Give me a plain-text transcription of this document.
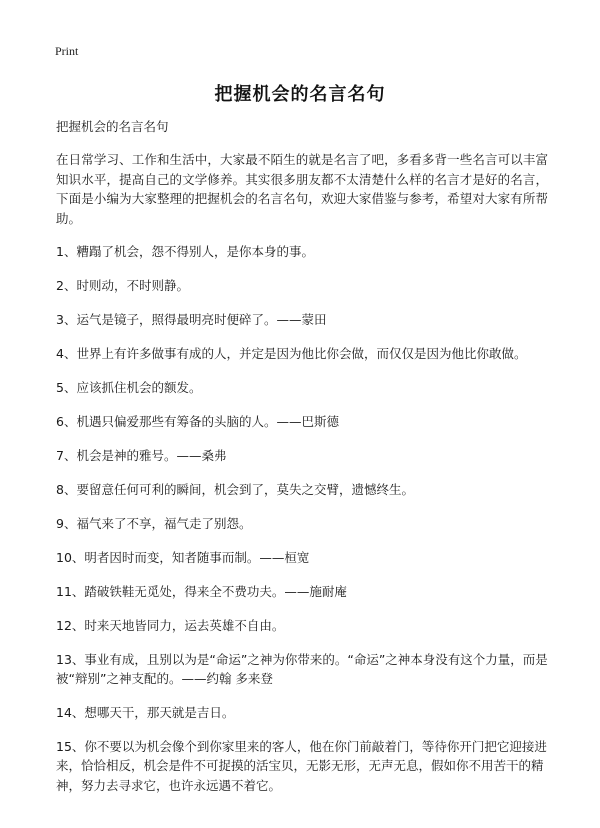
Print
把握机会的名言名句

把握机会的名言名句

在日常学习、工作和生活中，大家最不陌生的就是名言了吧，多看多背一些名言可以丰富知识水平，提高自己的文学修养。其实很多朋友都不太清楚什么样的名言才是好的名言，下面是小编为大家整理的把握机会的名言名句，欢迎大家借鉴与参考，希望对大家有所帮助。

1、糟蹋了机会，怨不得别人，是你本身的事。

2、时则动，不时则静。

3、运气是镜子，照得最明亮时便碎了。——蒙田

4、世界上有许多做事有成的人，并定是因为他比你会做，而仅仅是因为他比你敢做。

5、应该抓住机会的额发。

6、机遇只偏爱那些有筹备的头脑的人。——巴斯德

7、机会是神的雅号。——桑弗

8、要留意任何可利的瞬间，机会到了，莫失之交臂，遗憾终生。

9、福气来了不享，福气走了别怨。

10、明者因时而变，知者随事而制。——桓宽

11、踏破铁鞋无觅处，得来全不费功夫。——施耐庵

12、时来天地皆同力，运去英雄不自由。

13、事业有成，且别以为是“命运”之神为你带来的。“命运”之神本身没有这个力量，而是被“辩别”之神支配的。——约翰 多来登

14、想哪天干，那天就是吉日。

15、你不要以为机会像个到你家里来的客人，他在你门前敲着门，等待你开门把它迎接进来，恰恰相反，机会是件不可捉摸的活宝贝，无影无形，无声无息，假如你不用苦干的精神，努力去寻求它，也许永远遇不着它。
